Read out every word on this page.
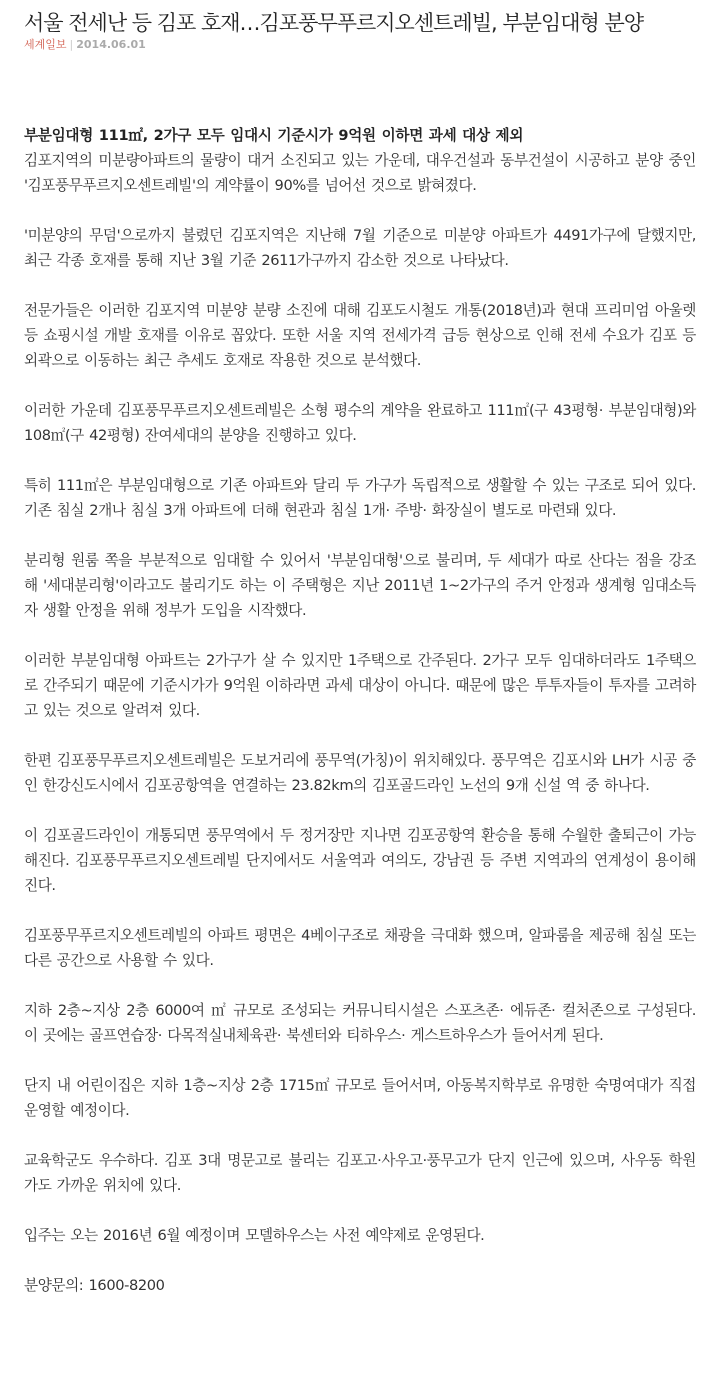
서울 전세난 등 김포 호재…김포풍무푸르지오센트레빌, 부분임대형 분양
세계일보 | 2014.06.01

부분임대형 111㎡, 2가구 모두 임대시 기준시가 9억원 이하면 과세 대상 제외

김포지역의 미분량아파트의 물량이 대거 소진되고 있는 가운데, 대우건설과 동부건설이 시공하고 분양 중인 '김포풍무푸르지오센트레빌'의 계약률이 90%를 넘어선 것으로 밝혀졌다.

'미분양의 무덤'으로까지 불렸던 김포지역은 지난해 7월 기준으로 미분양 아파트가 4491가구에 달했지만, 최근 각종 호재를 통해 지난 3월 기준 2611가구까지 감소한 것으로 나타났다.

전문가들은 이러한 김포지역 미분양 분량 소진에 대해 김포도시철도 개통(2018년)과 현대 프리미엄 아울렛 등 쇼핑시설 개발 호재를 이유로 꼽았다. 또한 서울 지역 전세가격 급등 현상으로 인해 전세 수요가 김포 등 외곽으로 이동하는 최근 추세도 호재로 작용한 것으로 분석했다.

이러한 가운데 김포풍무푸르지오센트레빌은 소형 평수의 계약을 완료하고 111㎡(구 43평형· 부분임대형)와 108㎡(구 42평형) 잔여세대의 분양을 진행하고 있다.

특히 111㎡은 부분임대형으로 기존 아파트와 달리 두 가구가 독립적으로 생활할 수 있는 구조로 되어 있다. 기존 침실 2개나 침실 3개 아파트에 더해 현관과 침실 1개· 주방· 화장실이 별도로 마련돼 있다.

분리형 원룸 쪽을 부분적으로 임대할 수 있어서 '부분임대형'으로 불리며, 두 세대가 따로 산다는 점을 강조해 '세대분리형'이라고도 불리기도 하는 이 주택형은 지난 2011년 1~2가구의 주거 안정과 생계형 임대소득자 생활 안정을 위해 정부가 도입을 시작했다.

이러한 부분임대형 아파트는 2가구가 살 수 있지만 1주택으로 간주된다. 2가구 모두 임대하더라도 1주택으로 간주되기 때문에 기준시가가 9억원 이하라면 과세 대상이 아니다. 때문에 많은 투투자들이 투자를 고려하고 있는 것으로 알려져 있다.

한편 김포풍무푸르지오센트레빌은 도보거리에 풍무역(가칭)이 위치해있다. 풍무역은 김포시와 LH가 시공 중인 한강신도시에서 김포공항역을 연결하는 23.82km의 김포골드라인 노선의 9개 신설 역 중 하나다.

이 김포골드라인이 개통되면 풍무역에서 두 정거장만 지나면 김포공항역 환승을 통해 수월한 출퇴근이 가능해진다. 김포풍무푸르지오센트레빌 단지에서도 서울역과 여의도, 강남권 등 주변 지역과의 연계성이 용이해진다.

김포풍무푸르지오센트레빌의 아파트 평면은 4베이구조로 채광을 극대화 했으며, 알파룸을 제공해 침실 또는 다른 공간으로 사용할 수 있다.

지하 2층~지상 2층 6000여 ㎡ 규모로 조성되는 커뮤니티시설은 스포츠존· 에듀존· 컬처존으로 구성된다. 이 곳에는 골프연습장· 다목적실내체육관· 북센터와 티하우스· 게스트하우스가 들어서게 된다.

단지 내 어린이집은 지하 1층~지상 2층 1715㎡ 규모로 들어서며, 아동복지학부로 유명한 숙명여대가 직접 운영할 예정이다.

교육학군도 우수하다. 김포 3대 명문고로 불리는 김포고·사우고·풍무고가 단지 인근에 있으며, 사우동 학원가도 가까운 위치에 있다.

입주는 오는 2016년 6월 예정이며 모델하우스는 사전 예약제로 운영된다.

분양문의: 1600-8200
